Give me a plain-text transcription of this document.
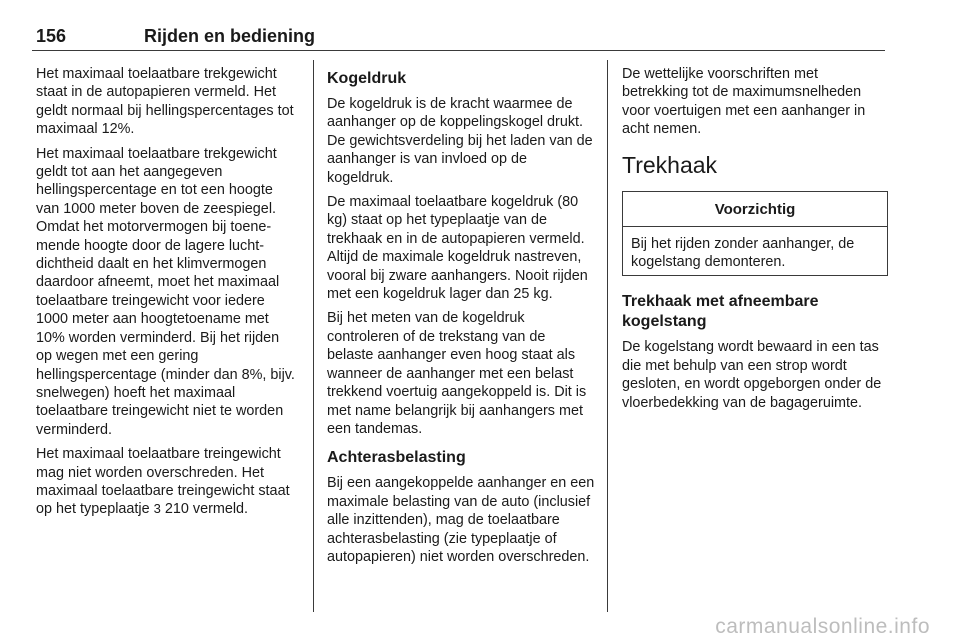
156	Rijden en bediening

Het maximaal toelaatbare trekgewicht staat in de autopapieren vermeld. Het geldt normaal bij hellingspercentages tot maximaal 12%.

Het maximaal toelaatbare trekgewicht geldt tot aan het aangegeven hellingspercentage en tot een hoogte van 1000 meter boven de zeespiegel. Omdat het motorvermogen bij toenemende hoogte door de lagere luchtdichtheid daalt en het klimvermogen daardoor afneemt, moet het maximaal toelaatbare treingewicht voor iedere 1000 meter aan hoogtetoename met 10% worden verminderd. Bij het rijden op wegen met een gering hellingspercentage (minder dan 8%, bijv. snelwegen) hoeft het maximaal toelaatbare treingewicht niet te worden verminderd.

Het maximaal toelaatbare treingewicht mag niet worden overschreden. Het maximaal toelaatbare treingewicht staat op het typeplaatje 3 210 vermeld.

Kogeldruk

De kogeldruk is de kracht waarmee de aanhanger op de koppelingskogel drukt. De gewichtsverdeling bij het laden van de aanhanger is van invloed op de kogeldruk.

De maximaal toelaatbare kogeldruk (80 kg) staat op het typeplaatje van de trekhaak en in de autopapieren vermeld. Altijd de maximale kogeldruk nastreven, vooral bij zware aanhangers. Nooit rijden met een kogeldruk lager dan 25 kg.

Bij het meten van de kogeldruk controleren of de trekstang van de belaste aanhanger even hoog staat als wanneer de aanhanger met een belast trekkend voertuig aangekoppeld is. Dit is met name belangrijk bij aanhangers met een tandemas.

Achterasbelasting

Bij een aangekoppelde aanhanger en een maximale belasting van de auto (inclusief alle inzittenden), mag de toelaatbare achterasbelasting (zie typeplaatje of autopapieren) niet worden overschreden.

De wettelijke voorschriften met betrekking tot de maximumsnelheden voor voertuigen met een aanhanger in acht nemen.

Trekhaak
Voorzichtig

Bij het rijden zonder aanhanger, de kogelstang demonteren.

Trekhaak met afneembare kogelstang

De kogelstang wordt bewaard in een tas die met behulp van een strop wordt gesloten, en wordt opgeborgen onder de vloerbedekking van de bagageruimte.

carmanualsonline.info
